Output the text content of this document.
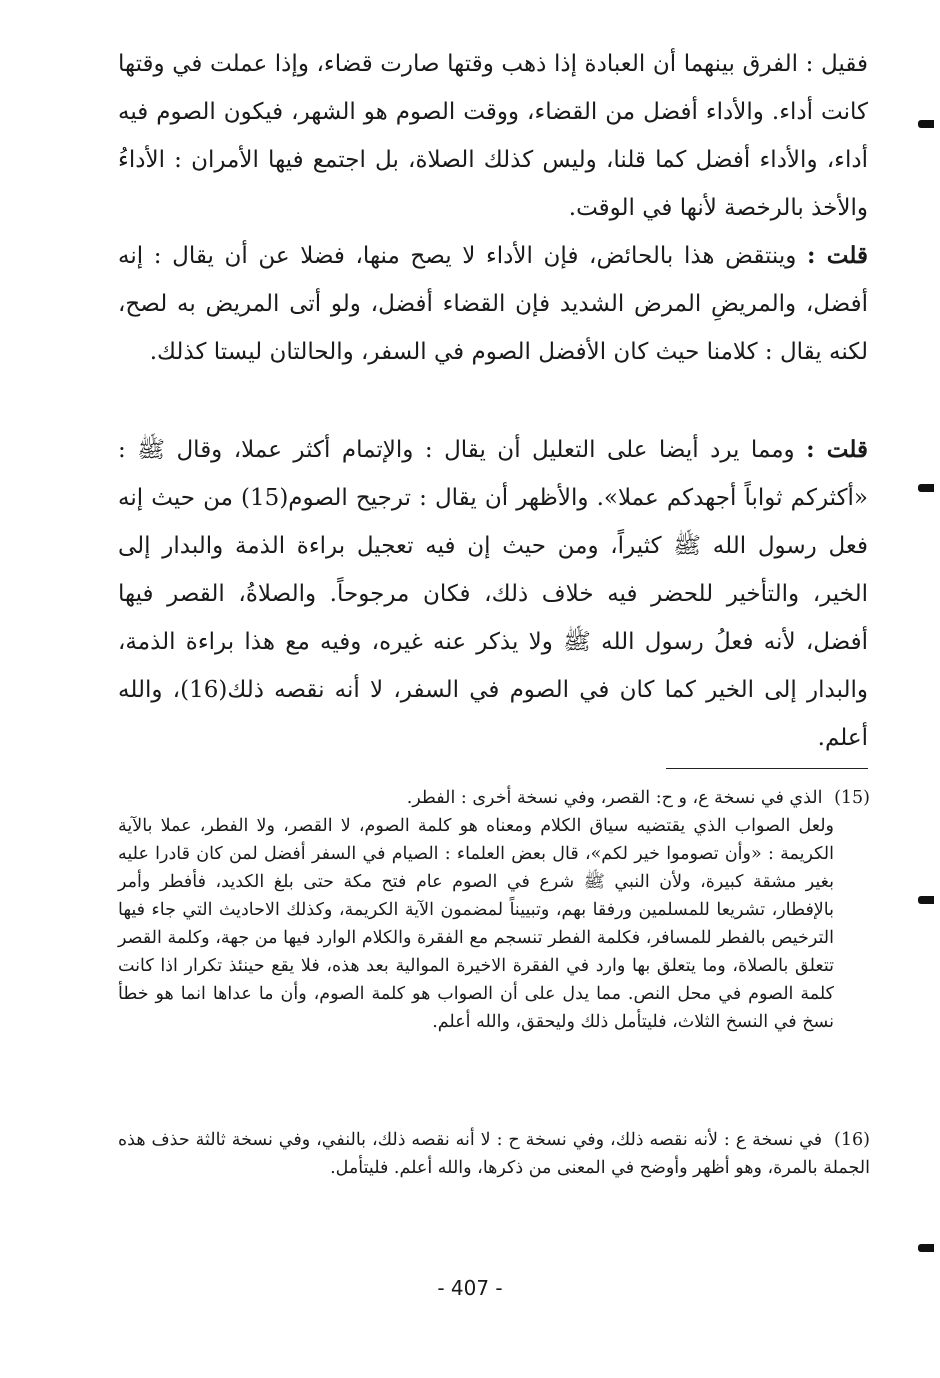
فقيل : الفرق بينهما أن العبادة إذا ذهب وقتها صارت قضاء، وإذا عملت في وقتها كانت أداء. والأداء أفضل من القضاء، ووقت الصوم هو الشهر، فيكون الصوم فيه أداء، والأداء أفضل كما قلنا، وليس كذلك الصلاة، بل اجتمع فيها الأمران : الأداءُ والأخذ بالرخصة لأنها في الوقت.

قلت : وينتقض هذا بالحائض، فإن الأداء لا يصح منها، فضلا عن أن يقال : إنه أفضل، والمريضِ المرض الشديد فإن القضاء أفضل، ولو أتى المريض به لصح، لكنه يقال : كلامنا حيث كان الأفضل الصوم في السفر، والحالتان ليستا كذلك.

قلت : ومما يرد أيضا على التعليل أن يقال : والإتمام أكثر عملا، وقال ﷺ : «أكثركم ثواباً أجهدكم عملا». والأظهر أن يقال : ترجيح الصوم(15) من حيث إنه فعل رسول الله ﷺ كثيراً، ومن حيث إن فيه تعجيل براءة الذمة والبدار إلى الخير، والتأخير للحضر فيه خلاف ذلك، فكان مرجوحاً. والصلاةُ، القصر فيها أفضل، لأنه فعلُ رسول الله ﷺ ولا يذكر عنه غيره، وفيه مع هذا براءة الذمة، والبدار إلى الخير كما كان في الصوم في السفر، لا أنه نقصه ذلك(16)، والله أعلم.

(15) الذي في نسخة ع، و ح: القصر، وفي نسخة أخرى : الفطر.
ولعل الصواب الذي يقتضيه سياق الكلام ومعناه هو كلمة الصوم، لا القصر، ولا الفطر، عملا بالآية الكريمة : «وأن تصوموا خير لكم»، قال بعض العلماء : الصيام في السفر أفضل لمن كان قادرا عليه بغير مشقة كبيرة، ولأن النبي ﷺ شرع في الصوم عام فتح مكة حتى بلغ الكديد، فأفطر وأمر بالإفطار، تشريعا للمسلمين ورفقا بهم، وتبييناً لمضمون الآية الكريمة، وكذلك الاحاديث التي جاء فيها الترخيص بالفطر للمسافر، فكلمة الفطر تنسجم مع الفقرة والكلام الوارد فيها من جهة، وكلمة القصر تتعلق بالصلاة، وما يتعلق بها وارد في الفقرة الاخيرة الموالية بعد هذه، فلا يقع حينئذ تكرار اذا كانت كلمة الصوم في محل النص. مما يدل على أن الصواب هو كلمة الصوم، وأن ما عداها انما هو خطأ نسخ في النسخ الثلاث، فليتأمل ذلك وليحقق، والله أعلم.
(16) في نسخة ع : لأنه نقصه ذلك، وفي نسخة ح : لا أنه نقصه ذلك، بالنفي، وفي نسخة ثالثة حذف هذه الجملة بالمرة، وهو أظهر وأوضح في المعنى من ذكرها، والله أعلم. فليتأمل.
- 407 -
